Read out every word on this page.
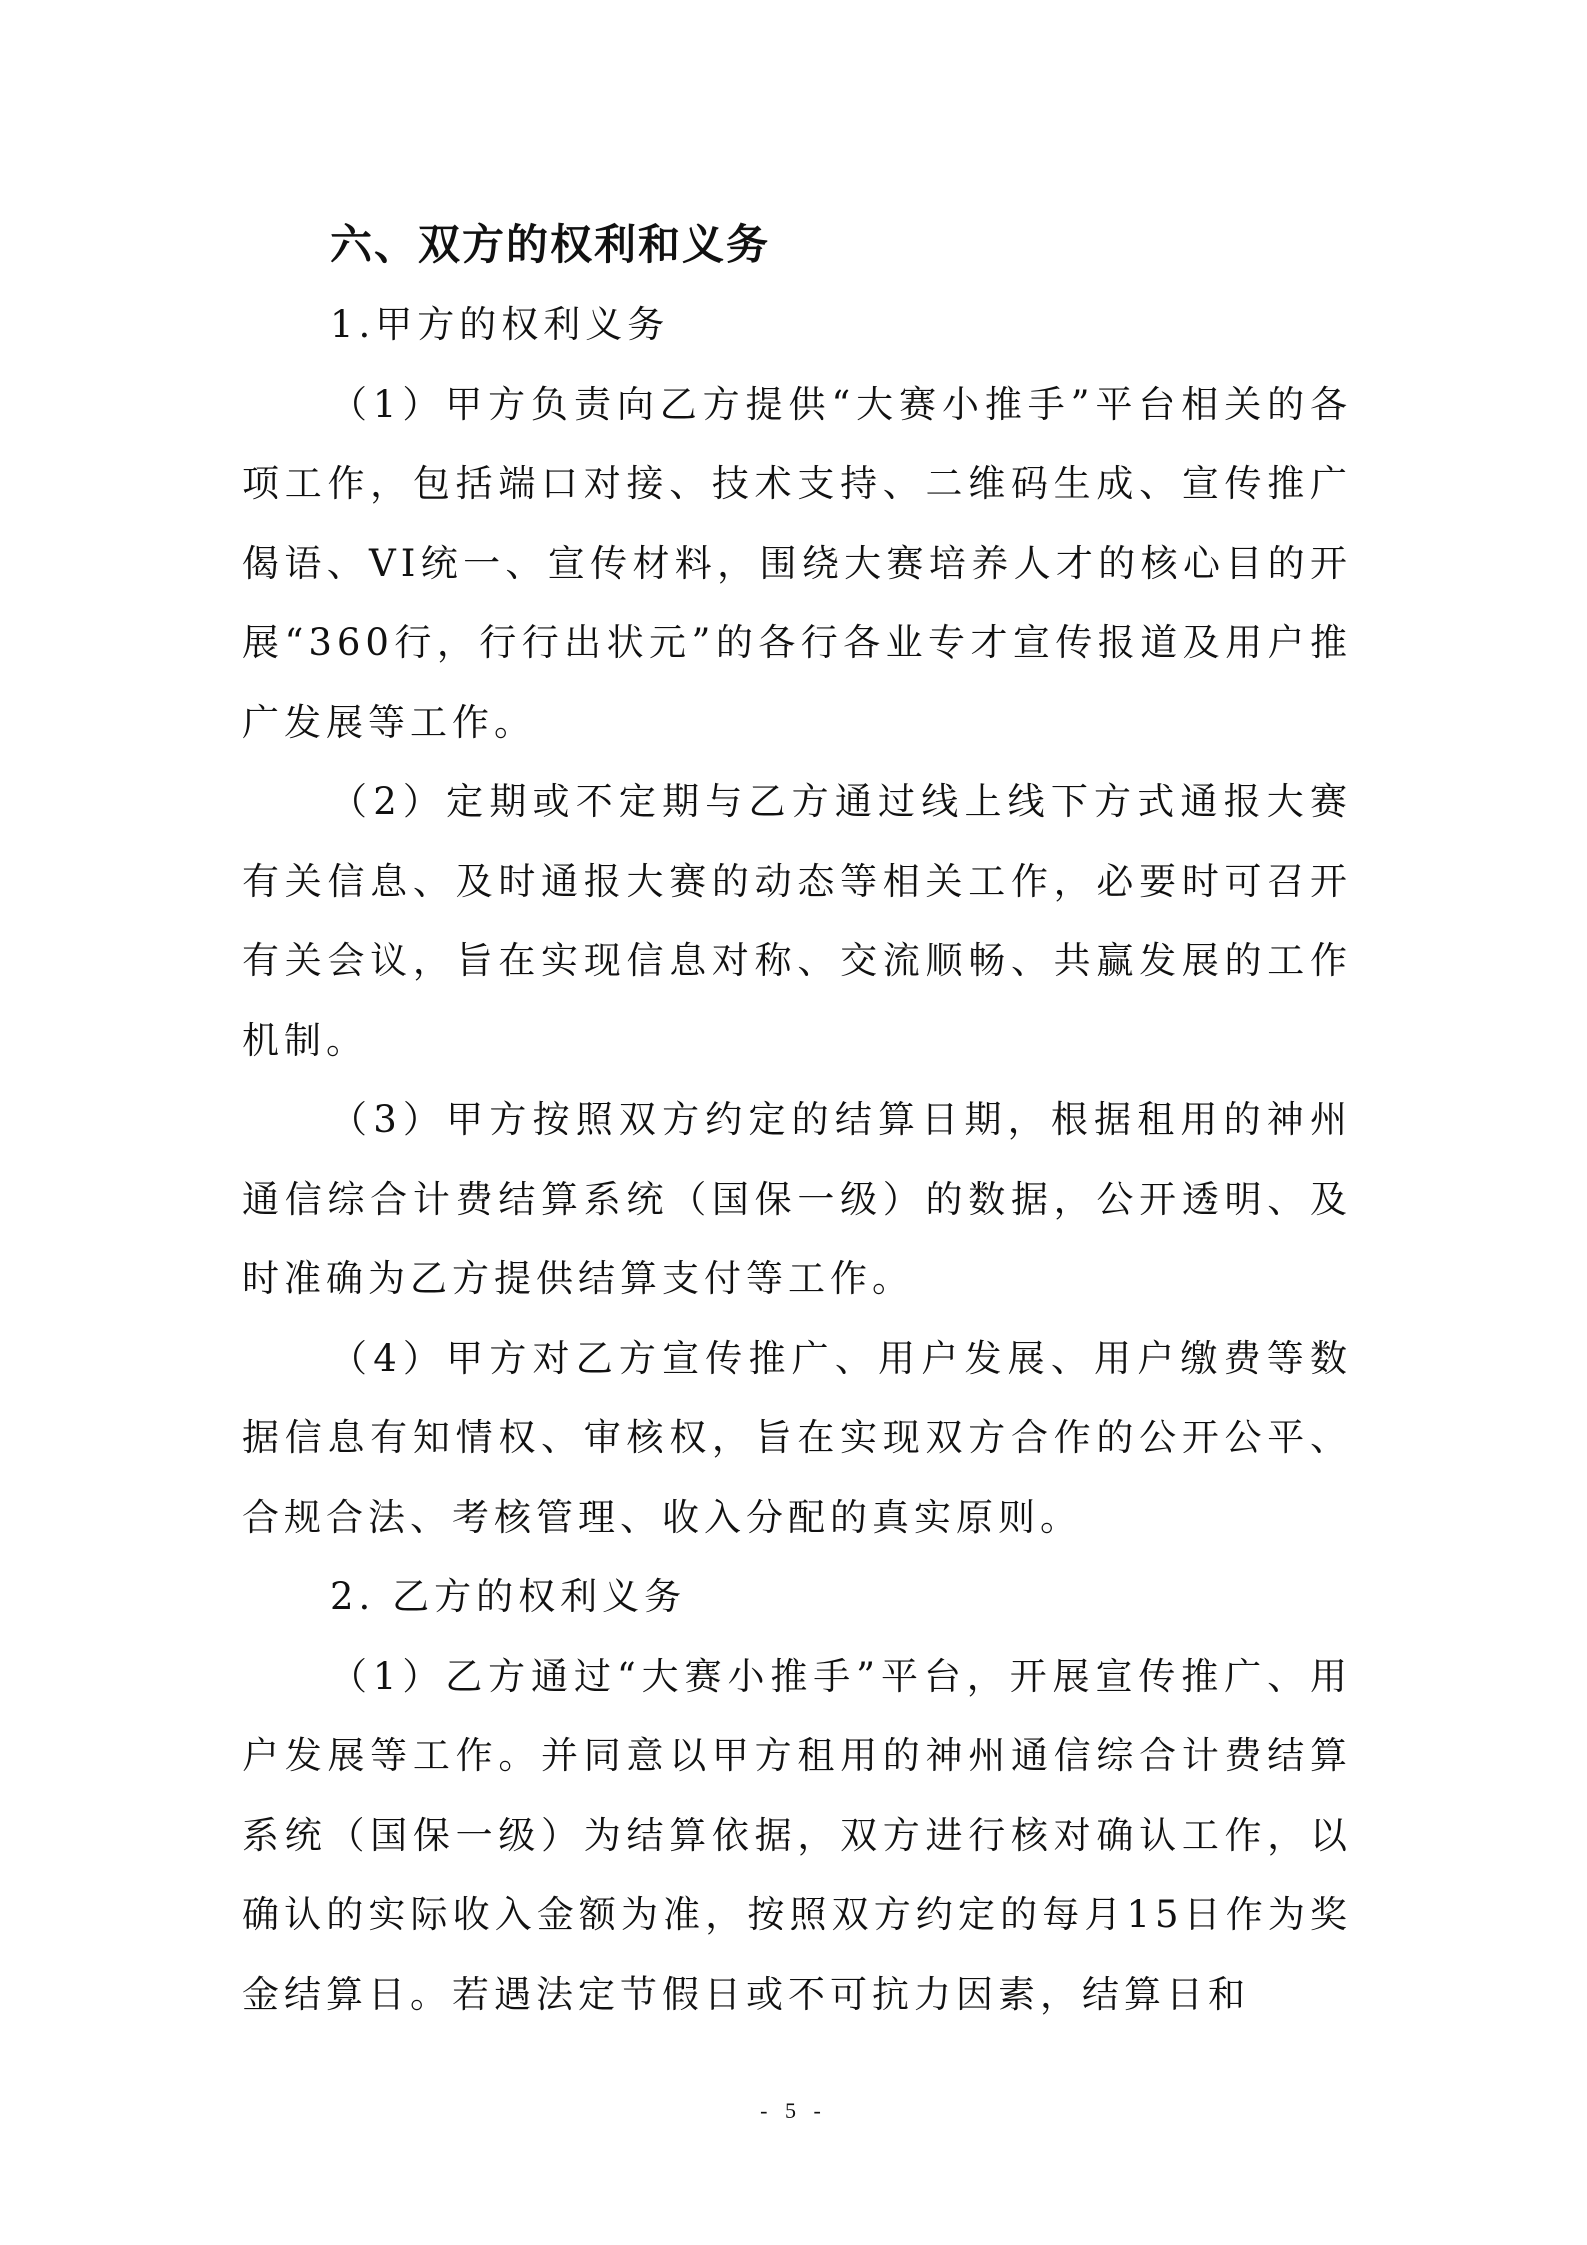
六、双方的权利和义务

1.甲方的权利义务

（1）甲方负责向乙方提供“大赛小推手”平台相关的各项工作，包括端口对接、技术支持、二维码生成、宣传推广偈语、VI统一、宣传材料，围绕大赛培养人才的核心目的开展“360行，行行出状元”的各行各业专才宣传报道及用户推广发展等工作。

（2）定期或不定期与乙方通过线上线下方式通报大赛有关信息、及时通报大赛的动态等相关工作，必要时可召开有关会议，旨在实现信息对称、交流顺畅、共赢发展的工作机制。

（3）甲方按照双方约定的结算日期，根据租用的神州通信综合计费结算系统（国保一级）的数据，公开透明、及时准确为乙方提供结算支付等工作。

（4）甲方对乙方宣传推广、用户发展、用户缴费等数据信息有知情权、审核权，旨在实现双方合作的公开公平、合规合法、考核管理、收入分配的真实原则。

2. 乙方的权利义务

（1）乙方通过“大赛小推手”平台，开展宣传推广、用户发展等工作。并同意以甲方租用的神州通信综合计费结算系统（国保一级）为结算依据，双方进行核对确认工作，以确认的实际收入金额为准，按照双方约定的每月15日作为奖金结算日。若遇法定节假日或不可抗力因素，结算日和

- 5 -
